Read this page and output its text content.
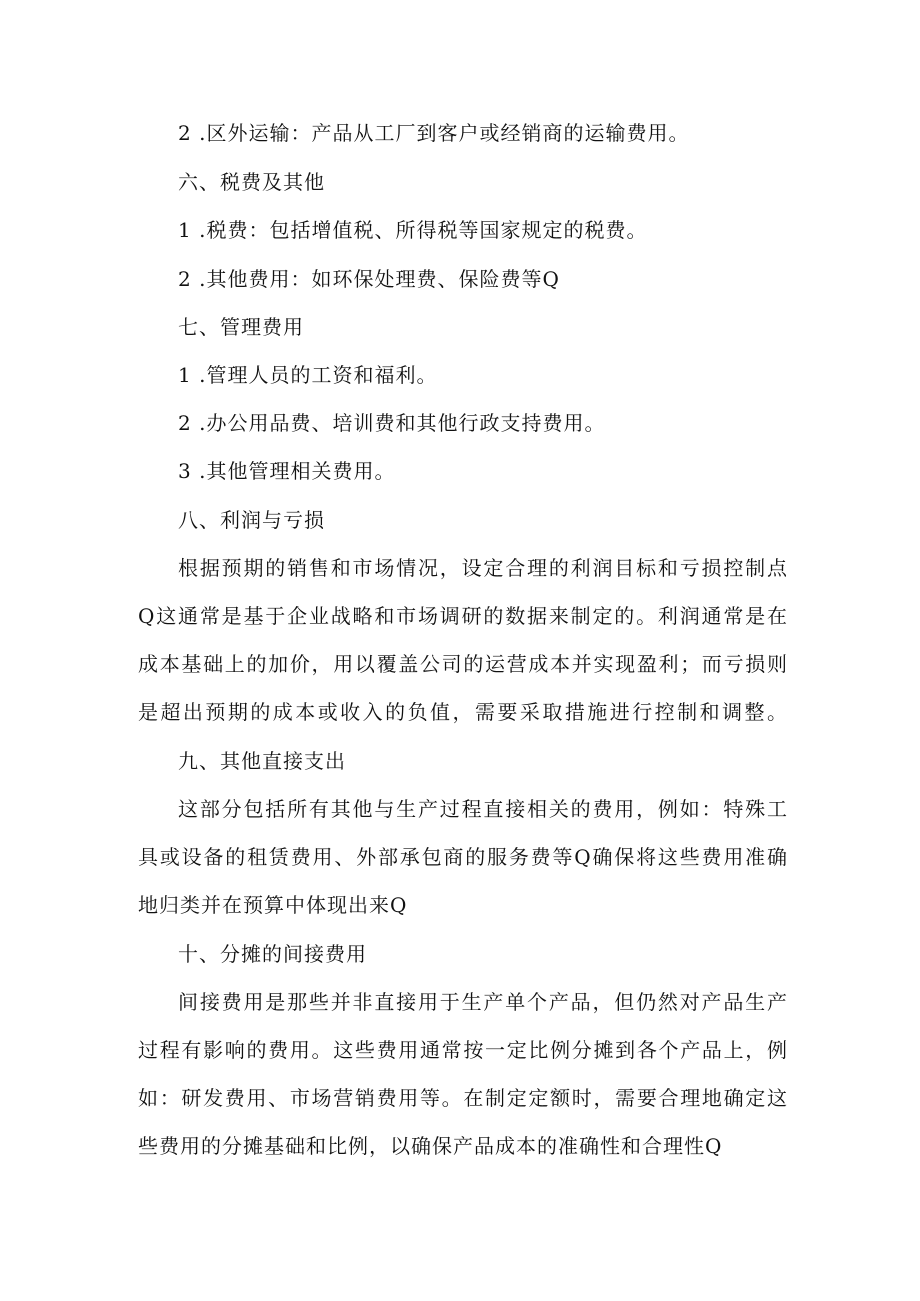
2 .区外运输：产品从工厂到客户或经销商的运输费用。
六、税费及其他
1 .税费：包括增值税、所得税等国家规定的税费。
2 .其他费用：如环保处理费、保险费等Q
七、管理费用
1 .管理人员的工资和福利。
2 .办公用品费、培训费和其他行政支持费用。
3 .其他管理相关费用。
八、利润与亏损
根据预期的销售和市场情况，设定合理的利润目标和亏损控制点
Q这通常是基于企业战略和市场调研的数据来制定的。利润通常是在
成本基础上的加价，用以覆盖公司的运营成本并实现盈利；而亏损则
是超出预期的成本或收入的负值，需要采取措施进行控制和调整。
九、其他直接支出
这部分包括所有其他与生产过程直接相关的费用，例如：特殊工
具或设备的租赁费用、外部承包商的服务费等Q确保将这些费用准确
地归类并在预算中体现出来Q
十、分摊的间接费用
间接费用是那些并非直接用于生产单个产品，但仍然对产品生产
过程有影响的费用。这些费用通常按一定比例分摊到各个产品上，例
如：研发费用、市场营销费用等。在制定定额时，需要合理地确定这
些费用的分摊基础和比例，以确保产品成本的准确性和合理性Q
